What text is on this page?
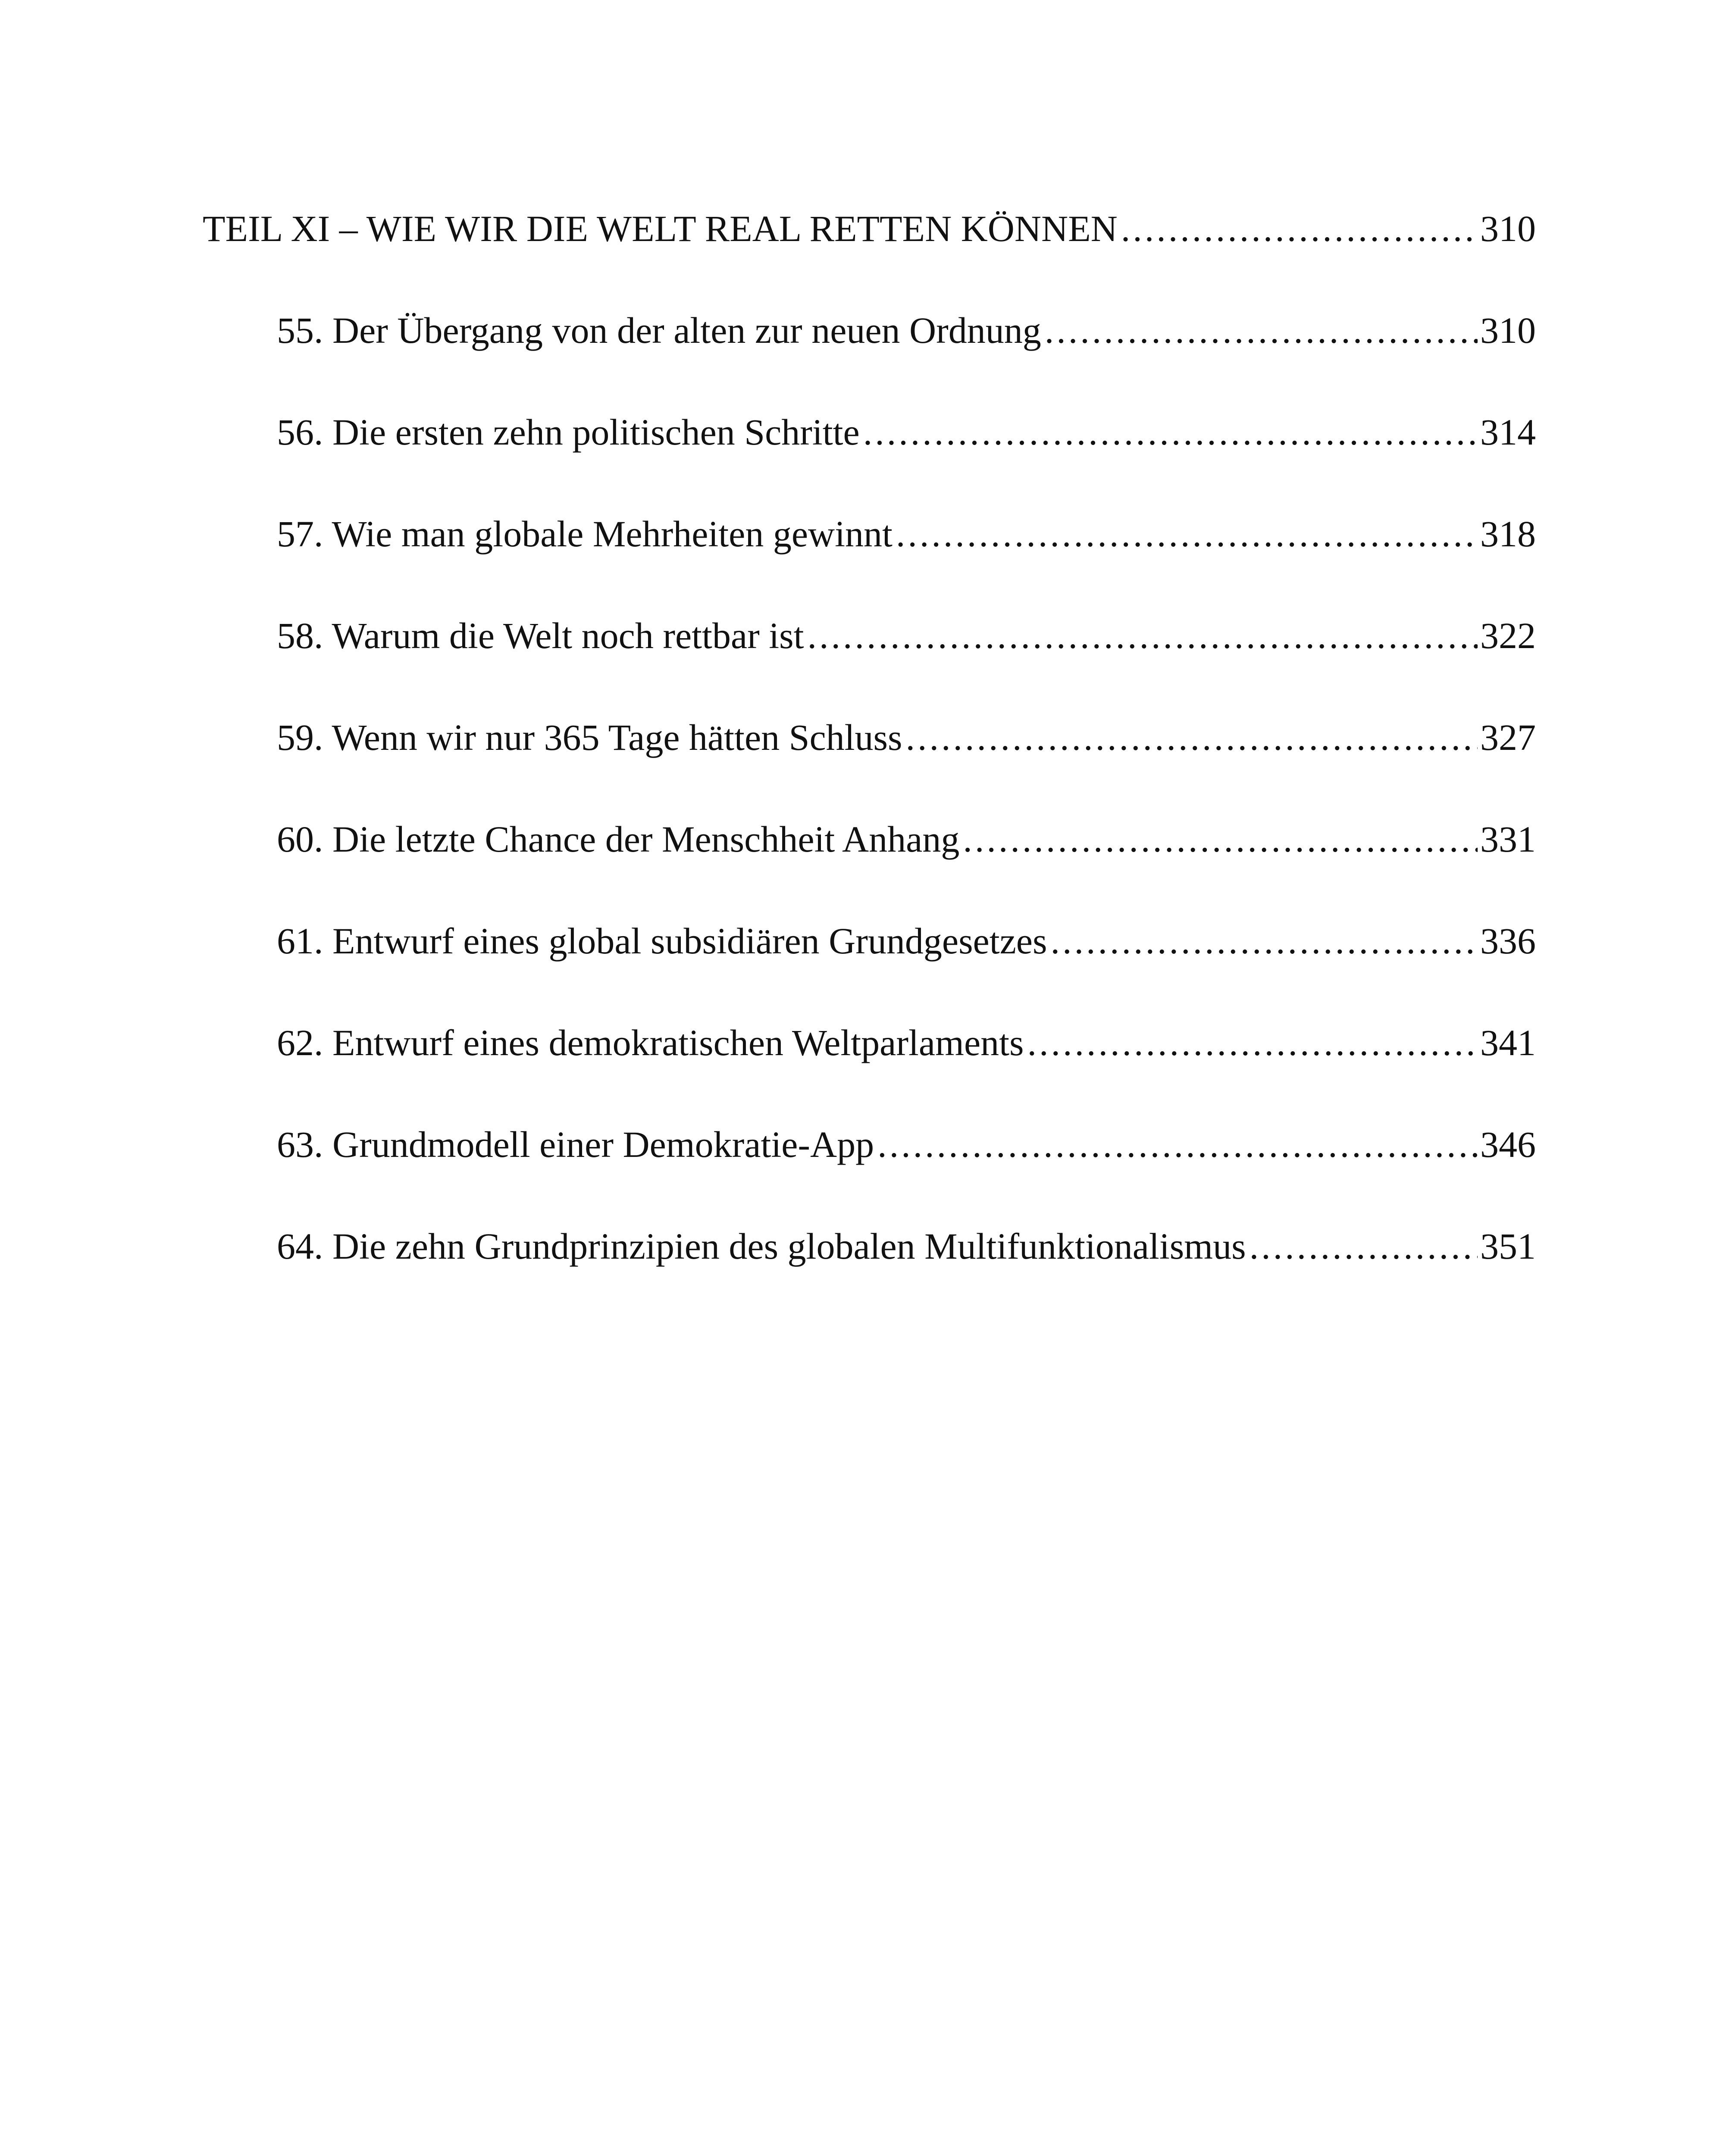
TEIL XI – WIE WIR DIE WELT REAL RETTEN KÖNNEN .....	310
55. Der Übergang von der alten zur neuen Ordnung .....	310
56. Die ersten zehn politischen Schritte .....	314
57. Wie man globale Mehrheiten gewinnt .....	318
58. Warum die Welt noch rettbar ist .....	322
59. Wenn wir nur 365 Tage hätten Schluss .....	327
60. Die letzte Chance der Menschheit Anhang .....	331
61. Entwurf eines global subsidiären Grundgesetzes .....	336
62. Entwurf eines demokratischen Weltparlaments .....	341
63. Grundmodell einer Demokratie-App .....	346
64. Die zehn Grundprinzipien des globalen Multifunktionalismus .....	351
